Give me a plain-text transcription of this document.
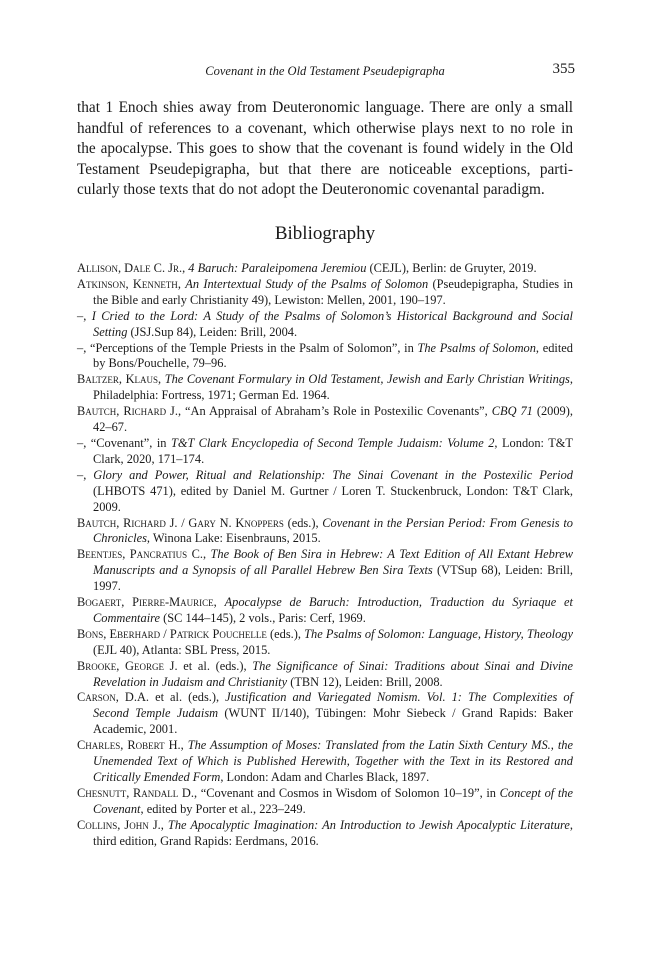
Covenant in the Old Testament Pseudepigrapha	355
that 1 Enoch shies away from Deuteronomic language. There are only a small
handful of references to a covenant, which otherwise plays next to no role in
the apocalypse. This goes to show that the covenant is found widely in the Old
Testament Pseudepigrapha, but that there are noticeable exceptions, parti-
cularly those texts that do not adopt the Deuteronomic covenantal paradigm.
Bibliography

Allison, Dale C. Jr., 4 Baruch: Paraleipomena Jeremiou (CEJL), Berlin: de Gruyter, 2019.

Atkinson, Kenneth, An Intertextual Study of the Psalms of Solomon (Pseudepigrapha, Studies in the Bible and early Christianity 49), Lewiston: Mellen, 2001, 190–197.

–, I Cried to the Lord: A Study of the Psalms of Solomon’s Historical Background and Social Setting (JSJ.Sup 84), Leiden: Brill, 2004.

–, “Perceptions of the Temple Priests in the Psalm of Solomon”, in The Psalms of Solomon, edited by Bons/Pouchelle, 79–96.

Baltzer, Klaus, The Covenant Formulary in Old Testament, Jewish and Early Christian Writings, Philadelphia: Fortress, 1971; German Ed. 1964.

Bautch, Richard J., “An Appraisal of Abraham’s Role in Postexilic Covenants”, CBQ 71 (2009), 42–67.

–, “Covenant”, in T&T Clark Encyclopedia of Second Temple Judaism: Volume 2, London: T&T Clark, 2020, 171–174.

–, Glory and Power, Ritual and Relationship: The Sinai Covenant in the Postexilic Period (LHBOTS 471), edited by Daniel M. Gurtner / Loren T. Stuckenbruck, London: T&T Clark, 2009.

Bautch, Richard J. / Gary N. Knoppers (eds.), Covenant in the Persian Period: From Genesis to Chronicles, Winona Lake: Eisenbrauns, 2015.

Beentjes, Pancratius C., The Book of Ben Sira in Hebrew: A Text Edition of All Extant Hebrew Manuscripts and a Synopsis of all Parallel Hebrew Ben Sira Texts (VTSup 68), Leiden: Brill, 1997.

Bogaert, Pierre-Maurice, Apocalypse de Baruch: Introduction, Traduction du Syriaque et Commentaire (SC 144–145), 2 vols., Paris: Cerf, 1969.

Bons, Eberhard / Patrick Pouchelle (eds.), The Psalms of Solomon: Language, History, Theology (EJL 40), Atlanta: SBL Press, 2015.

Brooke, George J. et al. (eds.), The Significance of Sinai: Traditions about Sinai and Divine Revelation in Judaism and Christianity (TBN 12), Leiden: Brill, 2008.

Carson, D.A. et al. (eds.), Justification and Variegated Nomism. Vol. 1: The Complexities of Second Temple Judaism (WUNT II/140), Tübingen: Mohr Siebeck / Grand Rapids: Baker Academic, 2001.

Charles, Robert H., The Assumption of Moses: Translated from the Latin Sixth Century MS., the Unemended Text of Which is Published Herewith, Together with the Text in its Restored and Critically Emended Form, London: Adam and Charles Black, 1897.

Chesnutt, Randall D., “Covenant and Cosmos in Wisdom of Solomon 10–19”, in Concept of the Covenant, edited by Porter et al., 223–249.

Collins, John J., The Apocalyptic Imagination: An Introduction to Jewish Apocalyptic Literature, third edition, Grand Rapids: Eerdmans, 2016.
